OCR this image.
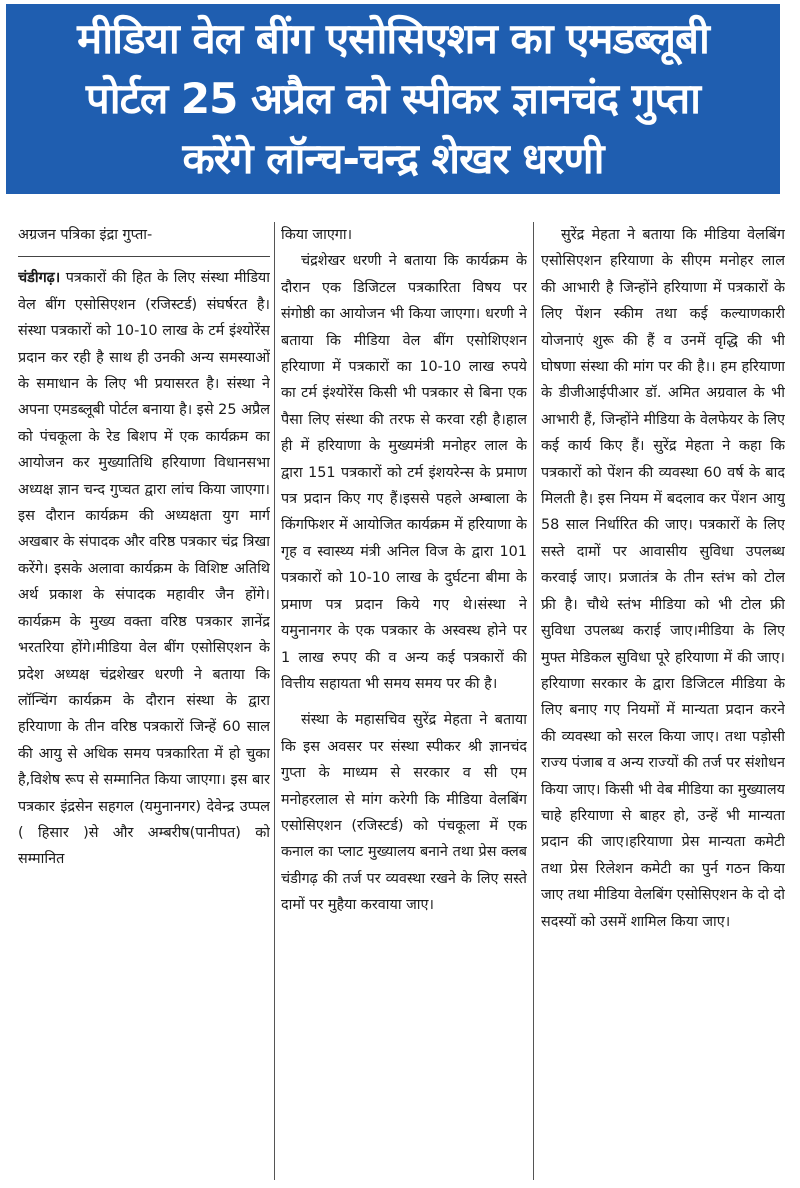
मीडिया वेल बींग एसोसिएशन का एमडब्लूबी
पोर्टल 25 अप्रैल को स्पीकर ज्ञानचंद गुप्ता
करेंगे लॉन्च-चन्द्र शेखर धरणी

अग्रजन पत्रिका इंद्रा गुप्ता-

चंडीगढ़। पत्रकारों की हित के लिए संस्था मीडिया वेल बींग एसोसिएशन (रजिस्टर्ड) संघर्षरत है। संस्था पत्रकारों को 10-10 लाख के टर्म इंश्योरेंस प्रदान कर रही है साथ ही उनकी अन्य समस्याओं के समाधान के लिए भी प्रयासरत है। संस्था ने अपना एमडब्लूबी पोर्टल बनाया है। इसे 25 अप्रैल को पंचकूला के रेड बिशप में एक कार्यक्रम का आयोजन कर मुख्यातिथि हरियाणा विधानसभा अध्यक्ष ज्ञान चन्द गुप्चत द्वारा लांच किया जाएगा। इस दौरान कार्यक्रम की अध्यक्षता युग मार्ग अखबार के संपादक और वरिष्ठ पत्रकार चंद्र त्रिखा करेंगे। इसके अलावा कार्यक्रम के विशिष्ट अतिथि अर्थ प्रकाश के संपादक महावीर जैन होंगे। कार्यक्रम के मुख्य वक्ता वरिष्ठ पत्रकार ज्ञानेंद्र भरतरिया होंगे।मीडिया वेल बींग एसोसिएशन के प्रदेश अध्यक्ष चंद्रशेखर धरणी ने बताया कि लॉन्चिंग कार्यक्रम के दौरान संस्था के द्वारा हरियाणा के तीन वरिष्ठ पत्रकारों जिन्हें 60 साल की आयु से अधिक समय पत्रकारिता में हो चुका है,विशेष रूप से सम्मानित किया जाएगा। इस बार पत्रकार इंद्रसेन सहगल (यमुनानगर) देवेन्द्र उप्पल ( हिसार )से और अम्बरीष(पानीपत) को सम्मानित

किया जाएगा।

चंद्रशेखर धरणी ने बताया कि कार्यक्रम के दौरान एक डिजिटल पत्रकारिता विषय पर संगोष्ठी का आयोजन भी किया जाएगा। धरणी ने बताया कि मीडिया वेल बींग एसोशिएशन हरियाणा में पत्रकारों का 10-10 लाख रुपये का टर्म इंश्योरेंस किसी भी पत्रकार से बिना एक पैसा लिए संस्था की तरफ से करवा रही है।हाल ही में हरियाणा के मुख्यमंत्री मनोहर लाल के द्वारा 151 पत्रकारों को टर्म इंशयरेन्स के प्रमाण पत्र प्रदान किए गए हैं।इससे पहले अम्बाला के किंगफिशर में आयोजित कार्यक्रम में हरियाणा के गृह व स्वास्थ्य मंत्री अनिल विज के द्वारा 101 पत्रकारों को 10-10 लाख के दुर्घटना बीमा के प्रमाण पत्र प्रदान किये गए थे।संस्था ने यमुनानगर के एक पत्रकार के अस्वस्थ होने पर 1 लाख रुपए की व अन्य कई पत्रकारों की वित्तीय सहायता भी समय समय पर की है।

संस्था के महासचिव सुरेंद्र मेहता ने बताया कि इस अवसर पर संस्था स्पीकर श्री ज्ञानचंद गुप्ता के माध्यम से सरकार व सी एम मनोहरलाल से मांग करेगी कि मीडिया वेलबिंग एसोसिएशन (रजिस्टर्ड) को पंचकूला में एक कनाल का प्लाट मुख्यालय बनाने तथा प्रेस क्लब चंडीगढ़ की तर्ज पर व्यवस्था रखने के लिए सस्ते दामों पर मुहैया करवाया जाए।

सुरेंद्र मेहता ने बताया कि मीडिया वेलबिंग एसोसिएशन हरियाणा के सीएम मनोहर लाल की आभारी है जिन्होंने हरियाणा में पत्रकारों के लिए पेंशन स्कीम तथा कई कल्याणकारी योजनाएं शुरू की हैं व उनमें वृद्धि की भी घोषणा संस्था की मांग पर की है।। हम हरियाणा के डीजीआईपीआर डॉ. अमित अग्रवाल के भी आभारी हैं, जिन्होंने मीडिया के वेलफेयर के लिए कई कार्य किए हैं। सुरेंद्र मेहता ने कहा कि पत्रकारों को पेंशन की व्यवस्था 60 वर्ष के बाद मिलती है। इस नियम में बदलाव कर पेंशन आयु 58 साल निर्धारित की जाए। पत्रकारों के लिए सस्ते दामों पर आवासीय सुविधा उपलब्ध करवाई जाए। प्रजातंत्र के तीन स्तंभ को टोल फ्री है। चौथे स्तंभ मीडिया को भी टोल फ्री सुविधा उपलब्ध कराई जाए।मीडिया के लिए मुफ्त मेडिकल सुविधा पूरे हरियाणा में की जाए। हरियाणा सरकार के द्वारा डिजिटल मीडिया के लिए बनाए गए नियमों में मान्यता प्रदान करने की व्यवस्था को सरल किया जाए। तथा पड़ोसी राज्य पंजाब व अन्य राज्यों की तर्ज पर संशोधन किया जाए। किसी भी वेब मीडिया का मुख्यालय चाहे हरियाणा से बाहर हो, उन्हें भी मान्यता प्रदान की जाए।हरियाणा प्रेस मान्यता कमेटी तथा प्रेस रिलेशन कमेटी का पुर्न गठन किया जाए तथा मीडिया वेलबिंग एसोसिएशन के दो दो सदस्यों को उसमें शामिल किया जाए।
